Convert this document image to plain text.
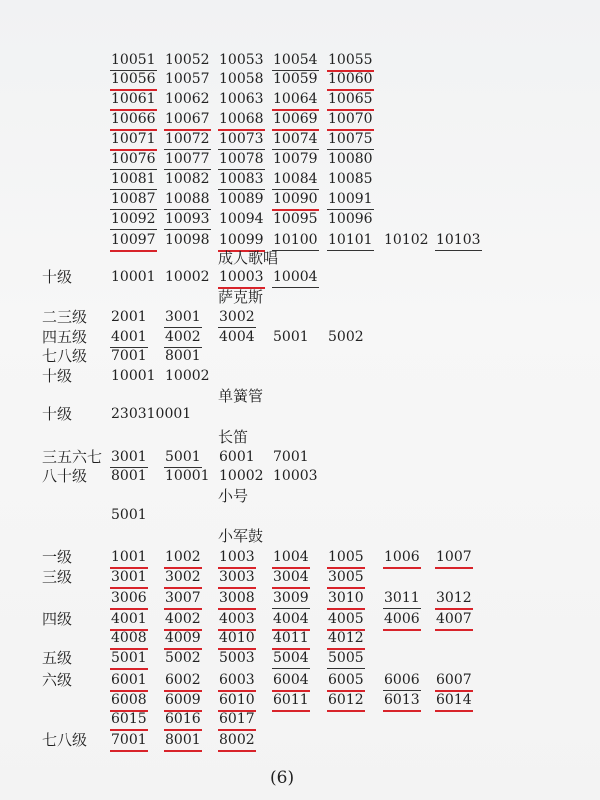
10051 10052 10053 10054 10055
10056 10057 10058 10059 10060
10061 10062 10063 10064 10065
10066 10067 10068 10069 10070
10071 10072 10073 10074 10075
10076 10077 10078 10079 10080
10081 10082 10083 10084 10085
10087 10088 10089 10090 10091
10092 10093 10094 10095 10096
10097 10098 10099 10100 10101 10102 10103
成人歌唱
十级	10001 10002 10003 10004
萨克斯
二三级 2001 3001 3002
四五级 4001 4002 4004 5001 5002
七八级 7001 8001
十级	10001 10002
单簧管
十级	230310001
长笛
三五六七 3001 5001 6001 7001
八十级 8001 10001 10002 10003
小号
5001
小军鼓
一级	1001 1002 1003 1004 1005 1006 1007
三级	3001 3002 3003 3004 3005
3006 3007 3008 3009 3010 3011 3012
四级	4001 4002 4003 4004 4005 4006 4007
4008 4009 4010 4011 4012
五级	5001 5002 5003 5004 5005
六级	6001 6002 6003 6004 6005 6006 6007
6008 6009 6010 6011 6012 6013 6014
6015 6016 6017
七八级 7001 8001 8002
(6)
